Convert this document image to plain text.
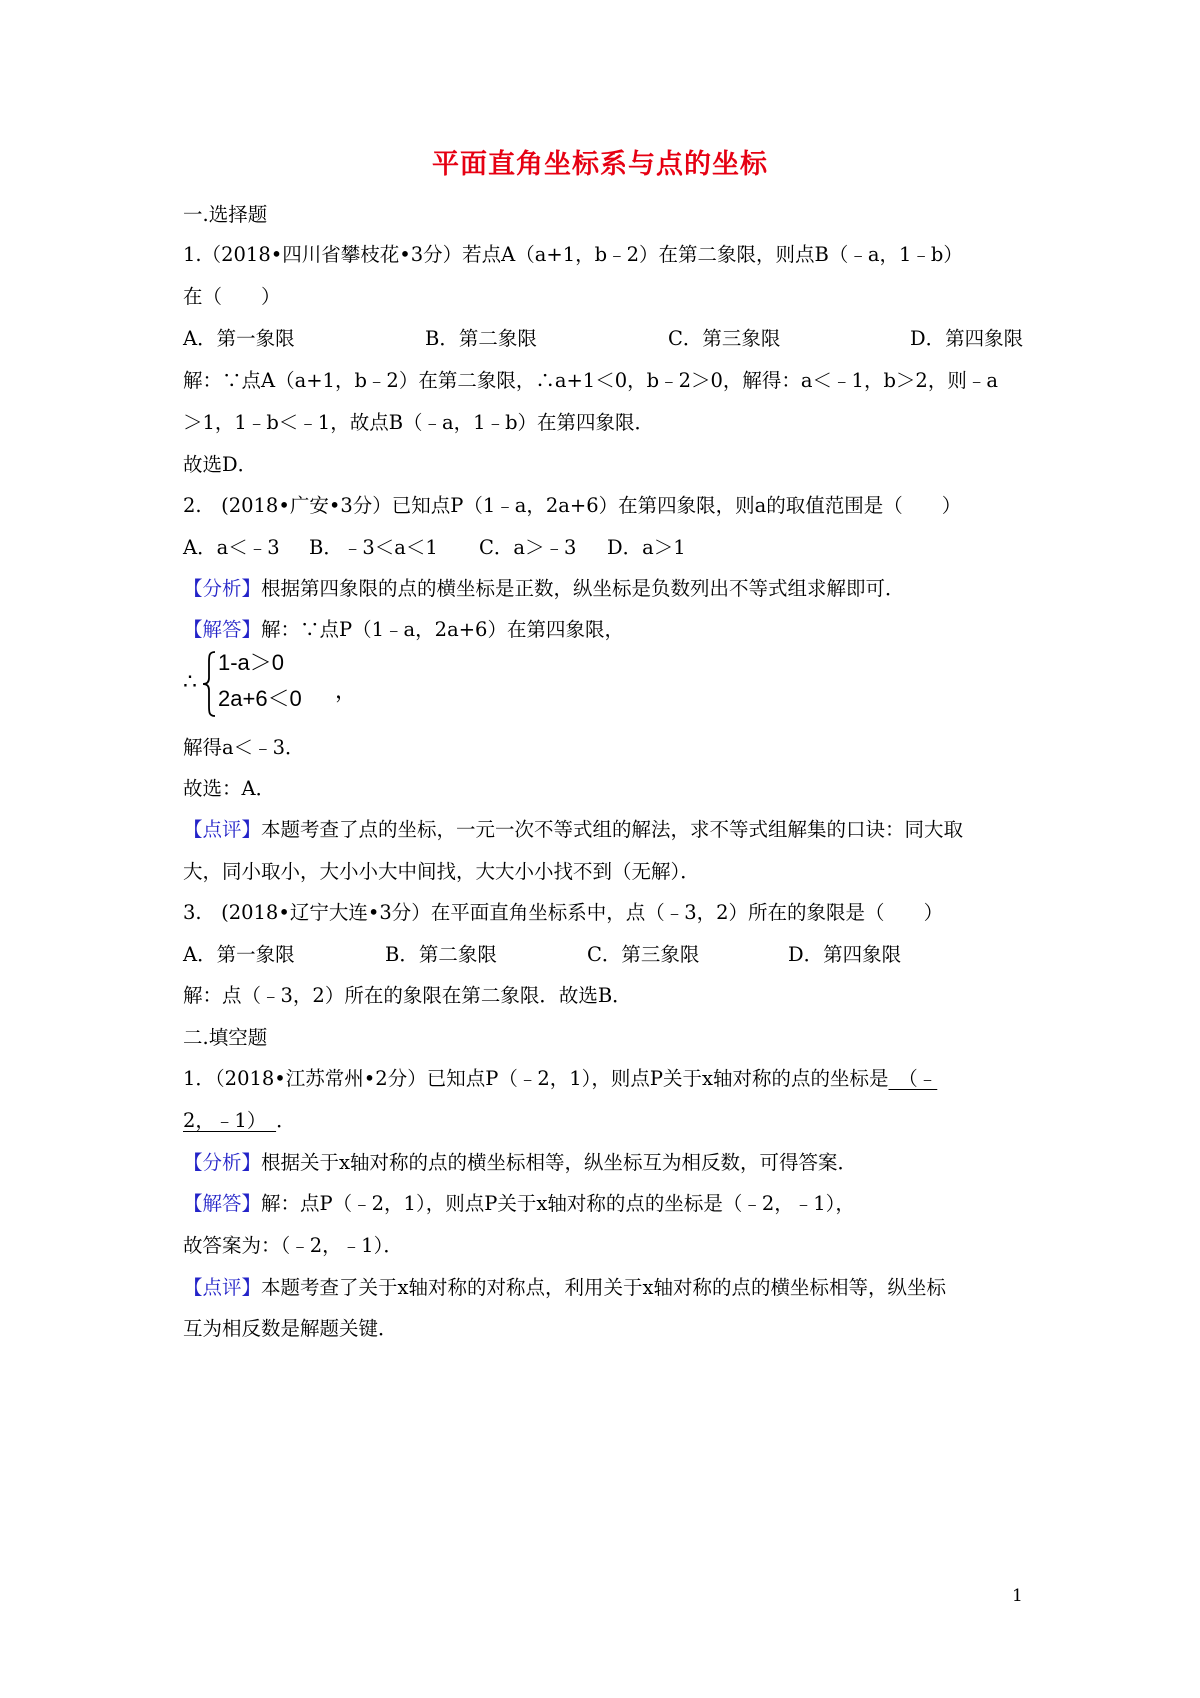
平面直角坐标系与点的坐标
一.选择题
1.（2018•四川省攀枝花•3分）若点A（a+1，b﹣2）在第二象限，则点B（﹣a，1﹣b）
在（　　）
A．第一象限	B．第二象限	C．第三象限	D．第四象限
解：∵点A（a+1，b﹣2）在第二象限，∴a+1＜0，b﹣2＞0，解得：a＜﹣1，b＞2，则﹣a
＞1，1﹣b＜﹣1，故点B（﹣a，1﹣b）在第四象限．
故选D．
2.　(2018•广安•3分）已知点P（1﹣a，2a+6）在第四象限，则a的取值范围是（　　）
A．a＜﹣3 B．﹣3＜a＜1 C．a＞﹣3 D．a＞1
【分析】根据第四象限的点的横坐标是正数，纵坐标是负数列出不等式组求解即可．
【解答】解：∵点P（1﹣a，2a+6）在第四象限，
∴
1-a＞0
2a+6＜0 ，
解得a＜﹣3．
故选：A．
【点评】本题考查了点的坐标，一元一次不等式组的解法，求不等式组解集的口诀：同大取
大，同小取小，大小小大中间找，大大小小找不到（无解）．
3.　(2018•辽宁大连•3分）在平面直角坐标系中，点（﹣3，2）所在的象限是（　　）
A．第一象限	B．第二象限	C．第三象限	D．第四象限
解：点（﹣3，2）所在的象限在第二象限．故选B．
二.填空题
1．（2018•江苏常州•2分）已知点P（﹣2，1），则点P关于x轴对称的点的坐标是　（﹣
2，﹣1）　．
【分析】根据关于x轴对称的点的横坐标相等，纵坐标互为相反数，可得答案．
【解答】解：点P（﹣2，1），则点P关于x轴对称的点的坐标是（﹣2，﹣1），
故答案为：（﹣2，﹣1）．
【点评】本题考查了关于x轴对称的对称点，利用关于x轴对称的点的横坐标相等，纵坐标
互为相反数是解题关键．
1
